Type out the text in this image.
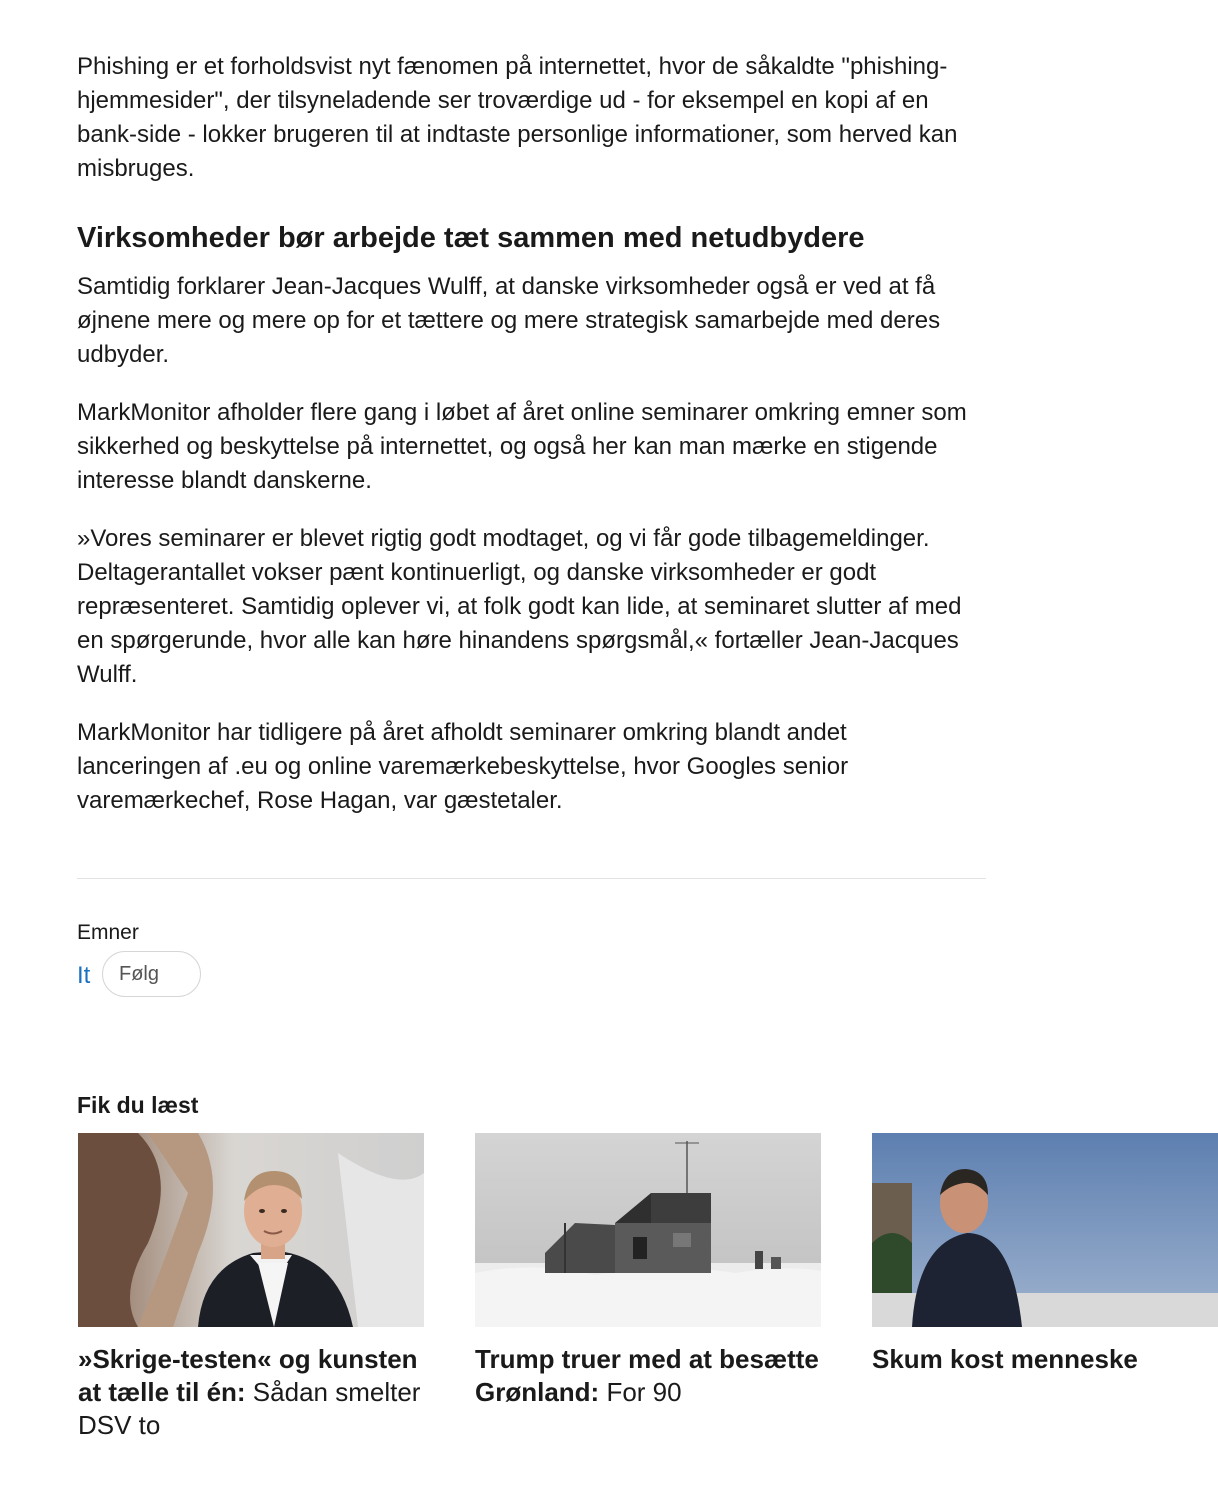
Phishing er et forholdsvist nyt fænomen på internettet, hvor de såkaldte "phishing-hjemmesider", der tilsyneladende ser troværdige ud - for eksempel en kopi af en bank-side - lokker brugeren til at indtaste personlige informationer, som herved kan misbruges.

Virksomheder bør arbejde tæt sammen med netudbydere

Samtidig forklarer Jean-Jacques Wulff, at danske virksomheder også er ved at få øjnene mere og mere op for et tættere og mere strategisk samarbejde med deres udbyder.

MarkMonitor afholder flere gang i løbet af året online seminarer omkring emner som sikkerhed og beskyttelse på internettet, og også her kan man mærke en stigende interesse blandt danskerne.

»Vores seminarer er blevet rigtig godt modtaget, og vi får gode tilbagemeldinger. Deltagerantallet vokser pænt kontinuerligt, og danske virksomheder er godt repræsenteret. Samtidig oplever vi, at folk godt kan lide, at seminaret slutter af med en spørgerunde, hvor alle kan høre hinandens spørgsmål,« fortæller Jean-Jacques Wulff.

MarkMonitor har tidligere på året afholdt seminarer omkring blandt andet lanceringen af .eu og online varemærkebeskyttelse, hvor Googles senior varemærkechef, Rose Hagan, var gæstetaler.

Emner
It	Følg
Fik du læst
»Skrige-testen« og kunsten at tælle til én: Sådan smelter DSV to
Trump truer med at besætte Grønland: For 90
Skum kost menneske
